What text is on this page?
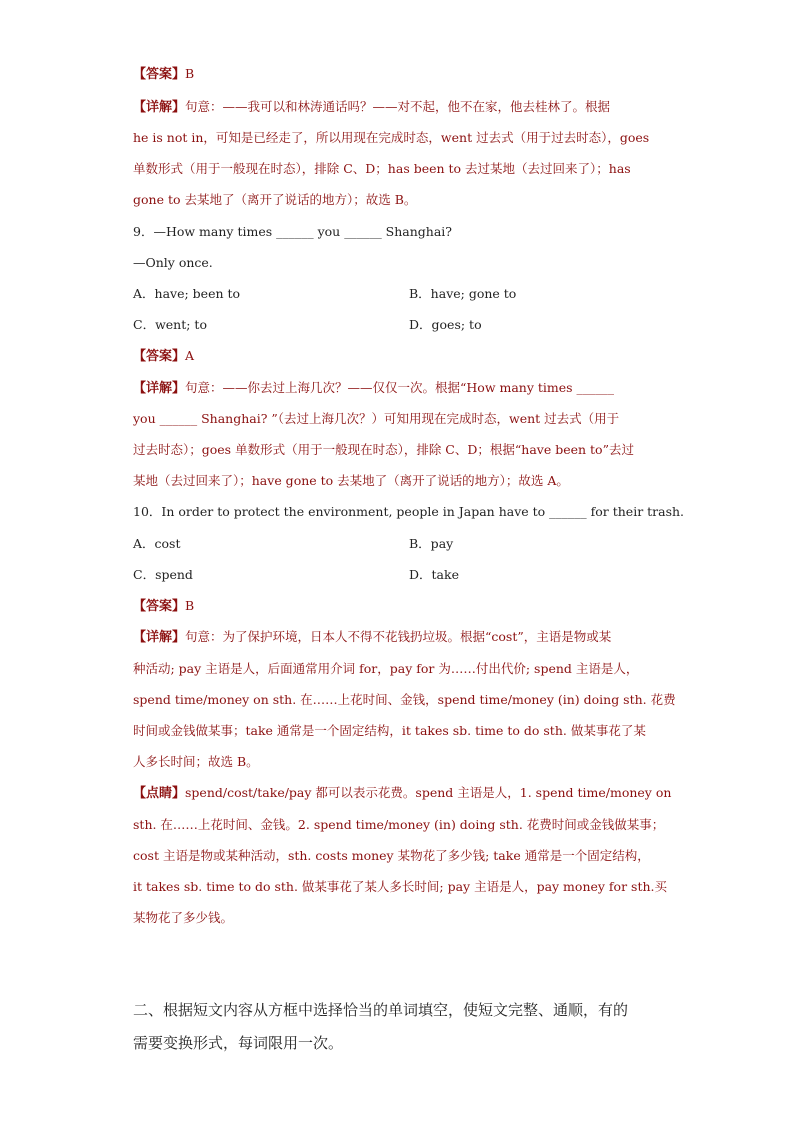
【答案】B
【详解】句意：——我可以和林涛通话吗？——对不起，他不在家，他去桂林了。根据
he is not in，可知是已经走了，所以用现在完成时态，went 过去式（用于过去时态），goes
单数形式（用于一般现在时态），排除 C、D；has been to 去过某地（去过回来了）；has
gone to 去某地了（离开了说话的地方）；故选 B。
9．—How many times ______ you ______ Shanghai?
—Only once.
A．have; been to	B．have; gone to
C．went; to	D．goes; to
【答案】A
【详解】句意：——你去过上海几次？——仅仅一次。根据“How many times ______
you ______ Shanghai? ”（去过上海几次？）可知用现在完成时态，went 过去式（用于
过去时态）；goes 单数形式（用于一般现在时态），排除 C、D；根据“have been to”去过
某地（去过回来了）；have gone to 去某地了（离开了说话的地方）；故选 A。
10．In order to protect the environment, people in Japan have to ______ for their trash.
A．cost	B．pay
C．spend	D．take
【答案】B
【详解】句意：为了保护环境，日本人不得不花钱扔垃圾。根据“cost”，主语是物或某
种活动; pay 主语是人，后面通常用介词 for，pay for 为……付出代价; spend 主语是人，
spend time/money on sth. 在……上花时间、金钱，spend time/money (in) doing sth. 花费
时间或金钱做某事；take 通常是一个固定结构，it takes sb. time to do sth. 做某事花了某
人多长时间；故选 B。
【点睛】spend/cost/take/pay 都可以表示花费。spend 主语是人，1. spend time/money on
sth. 在……上花时间、金钱。2. spend time/money (in) doing sth. 花费时间或金钱做某事；
cost 主语是物或某种活动，sth. costs money 某物花了多少钱; take 通常是一个固定结构，
it takes sb. time to do sth. 做某事花了某人多长时间; pay 主语是人，pay money for sth.买
某物花了多少钱。
二、根据短文内容从方框中选择恰当的单词填空，使短文完整、通顺，有的
需要变换形式，每词限用一次。
